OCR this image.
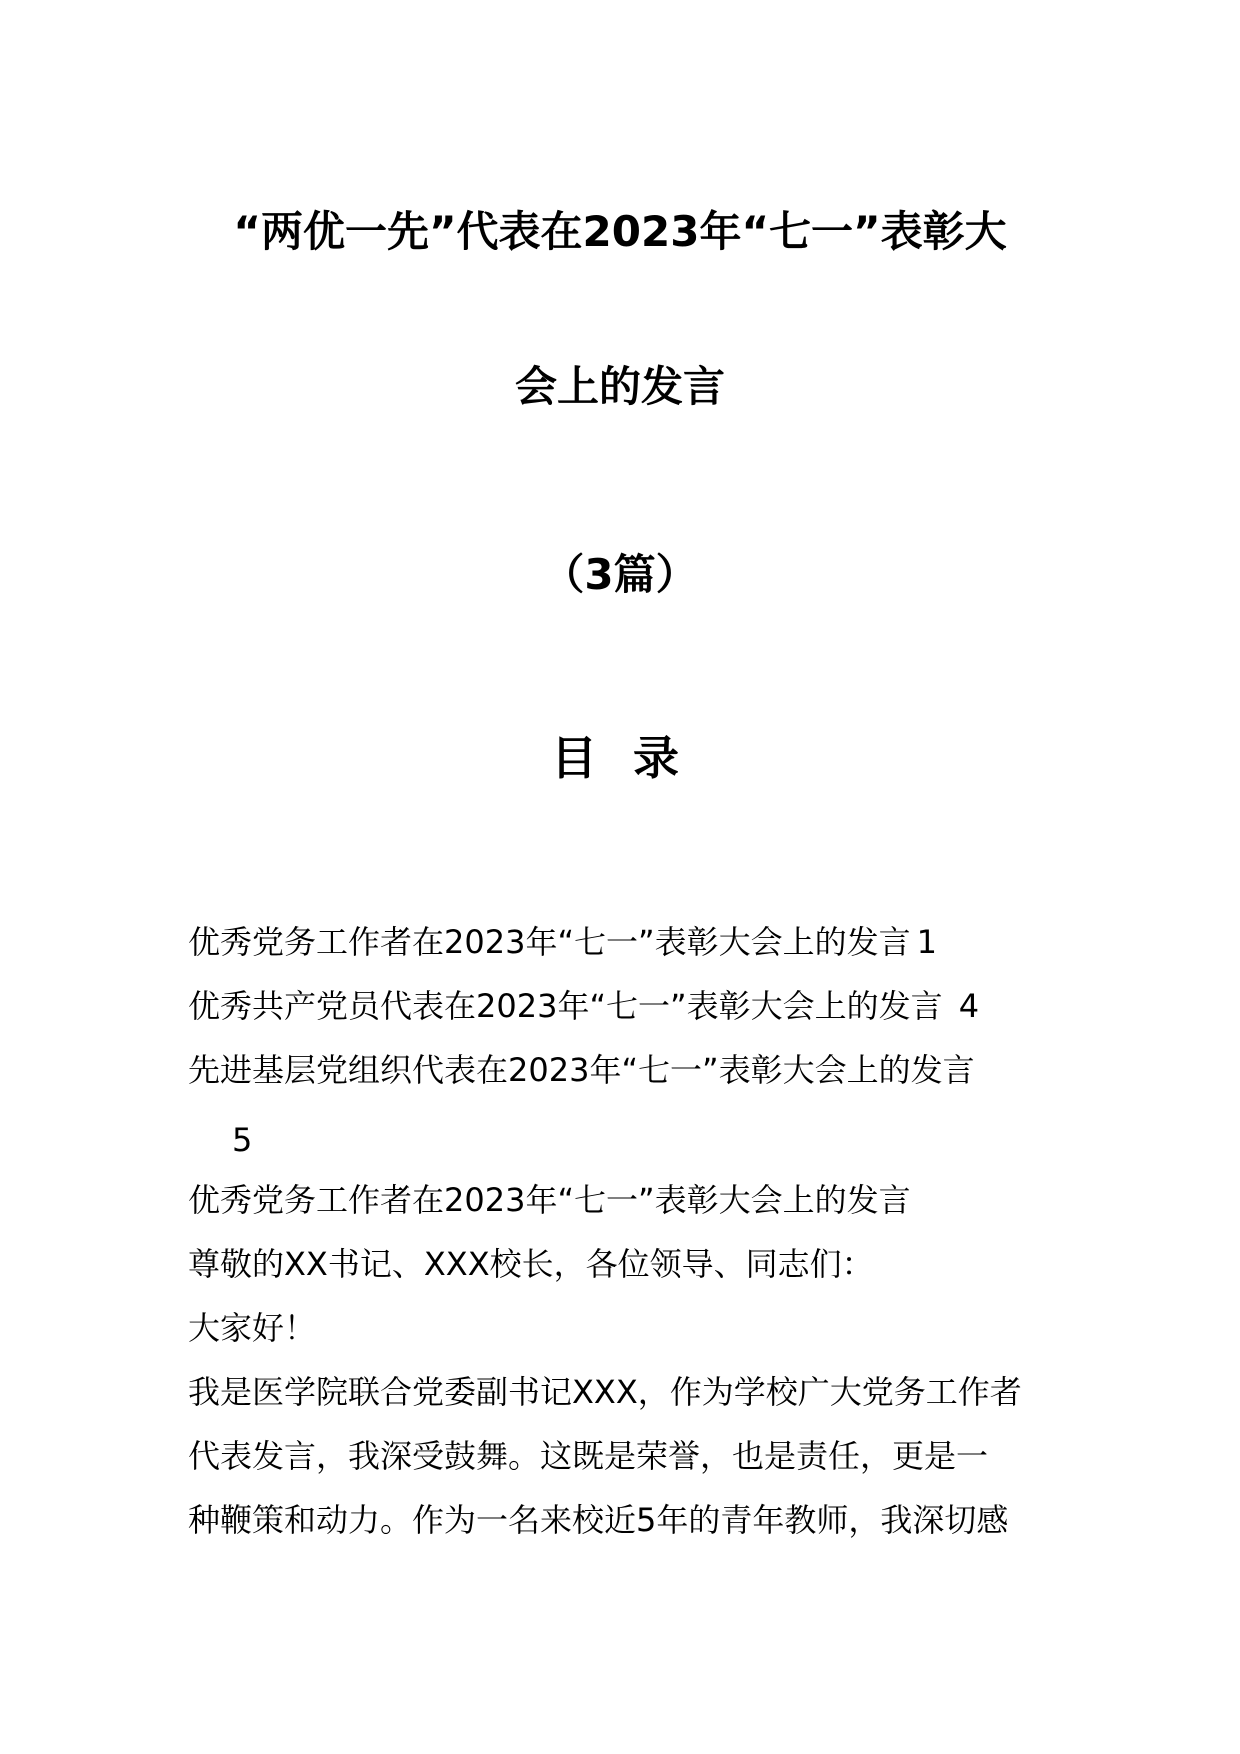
“两优一先”代表在2023年“七一”表彰大
会上的发言
（3篇）
目 录
优秀党务工作者在2023年“七一”表彰大会上的发言 1
优秀共产党员代表在2023年“七一”表彰大会上的发言 4
先进基层党组织代表在2023年“七一”表彰大会上的发言
5
优秀党务工作者在2023年“七一”表彰大会上的发言
尊敬的XX书记、XXX校长，各位领导、同志们：
大家好！
我是医学院联合党委副书记XXX，作为学校广大党务工作者
代表发言，我深受鼓舞。这既是荣誉，也是责任，更是一
种鞭策和动力。作为一名来校近5年的青年教师，我深切感
